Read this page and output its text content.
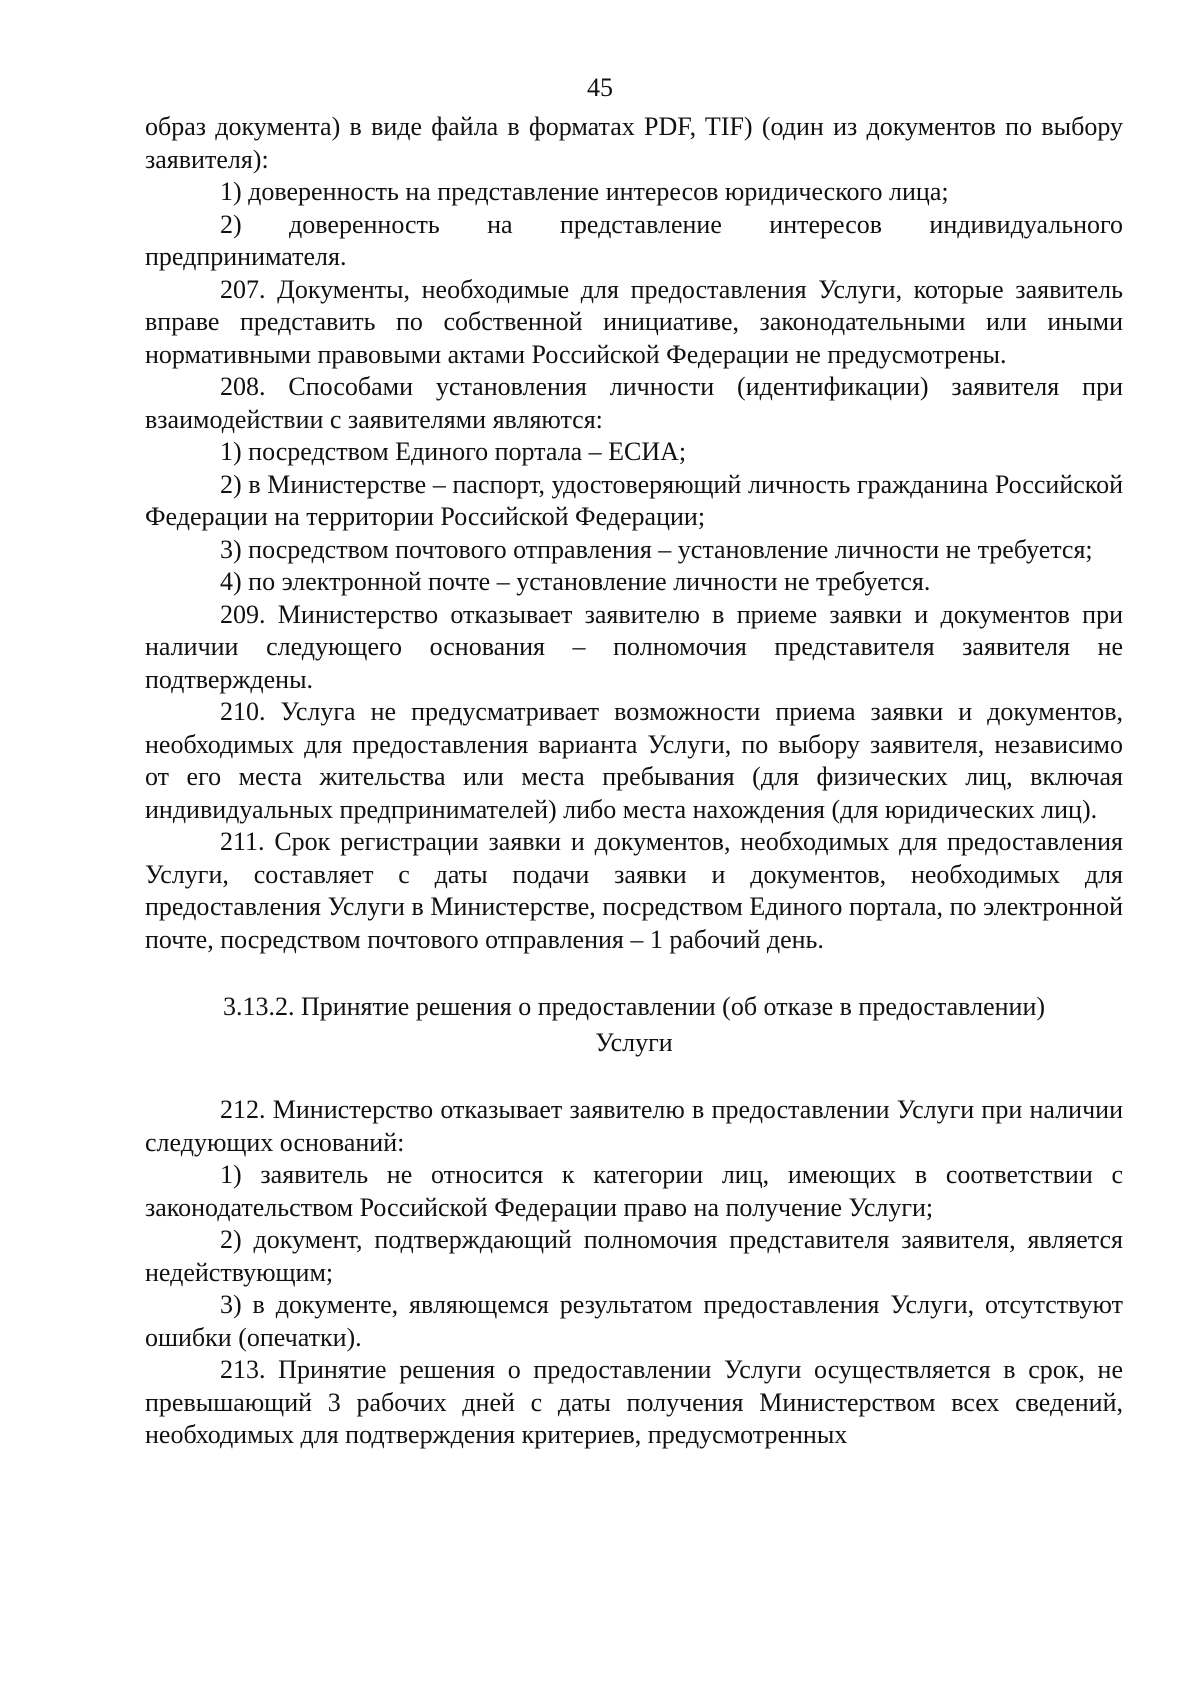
45

образ документа) в виде файла в форматах PDF, TIF) (один из документов по выбору заявителя):

1) доверенность на представление интересов юридического лица;

2) доверенность на представление интересов индивидуального предпринимателя.

207. Документы, необходимые для предоставления Услуги, которые заявитель вправе представить по собственной инициативе, законодательными или иными нормативными правовыми актами Российской Федерации не предусмотрены.

208. Способами установления личности (идентификации) заявителя при взаимодействии с заявителями являются:

1) посредством Единого портала – ЕСИА;

2) в Министерстве – паспорт, удостоверяющий личность гражданина Российской Федерации на территории Российской Федерации;

3) посредством почтового отправления – установление личности не требуется;

4) по электронной почте – установление личности не требуется.

209. Министерство отказывает заявителю в приеме заявки и документов при наличии следующего основания – полномочия представителя заявителя не подтверждены.

210. Услуга не предусматривает возможности приема заявки и документов, необходимых для предоставления варианта Услуги, по выбору заявителя, независимо от его места жительства или места пребывания (для физических лиц, включая индивидуальных предпринимателей) либо места нахождения (для юридических лиц).

211. Срок регистрации заявки и документов, необходимых для предоставления Услуги, составляет с даты подачи заявки и документов, необходимых для предоставления Услуги в Министерстве, посредством Единого портала, по электронной почте, посредством почтового отправления – 1 рабочий день.

3.13.2. Принятие решения о предоставлении (об отказе в предоставлении)

Услуги

212. Министерство отказывает заявителю в предоставлении Услуги при наличии следующих оснований:

1) заявитель не относится к категории лиц, имеющих в соответствии с законодательством Российской Федерации право на получение Услуги;

2) документ, подтверждающий полномочия представителя заявителя, является недействующим;

3) в документе, являющемся результатом предоставления Услуги, отсутствуют ошибки (опечатки).

213. Принятие решения о предоставлении Услуги осуществляется в срок, не превышающий 3 рабочих дней с даты получения Министерством всех сведений, необходимых для подтверждения критериев, предусмотренных
